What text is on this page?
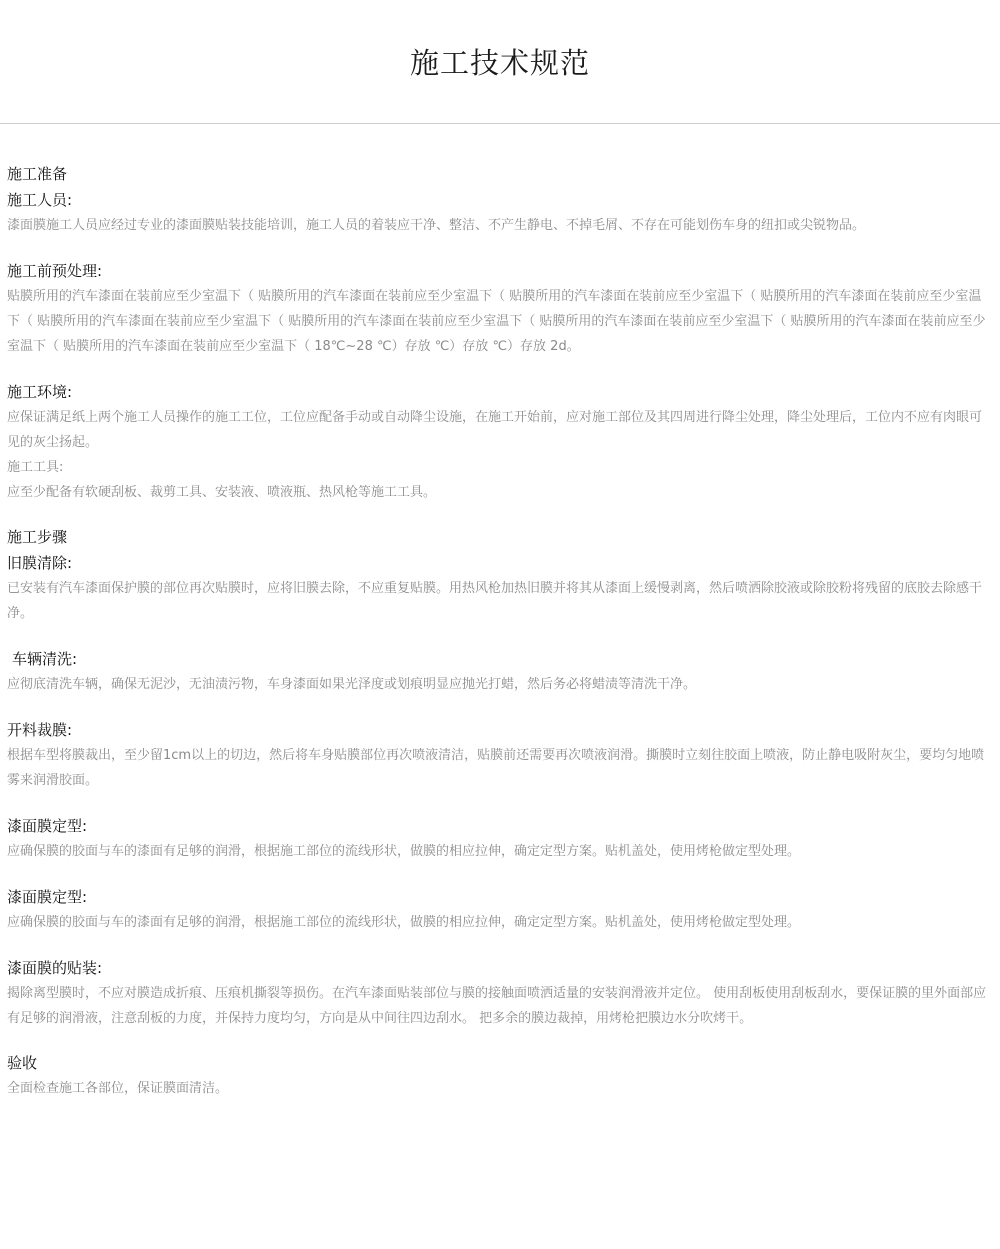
施工技术规范

施工准备

施工人员:

漆面膜施工人员应经过专业的漆面膜贴装技能培训，施工人员的着装应干净、整洁、不产生静电、不掉毛屑、不存在可能划伤车身的纽扣或尖锐物品。

施工前预处理:

贴膜所用的汽车漆面在装前应至少室温下（ 贴膜所用的汽车漆面在装前应至少室温下（ 贴膜所用的汽车漆面在装前应至少室温下（ 贴膜所用的汽车漆面在装前应至少室温下（ 贴膜所用的汽车漆面在装前应至少室温下（ 贴膜所用的汽车漆面在装前应至少室温下（ 贴膜所用的汽车漆面在装前应至少室温下（ 贴膜所用的汽车漆面在装前应至少室温下（ 贴膜所用的汽车漆面在装前应至少室温下（ 18℃~28 ℃）存放 ℃）存放 ℃）存放 2d。

施工环境:

应保证满足纸上两个施工人员操作的施工工位，工位应配备手动或自动降尘设施，在施工开始前，应对施工部位及其四周进行降尘处理，降尘处理后，工位内不应有肉眼可见的灰尘扬起。

施工工具:

应至少配备有软硬刮板、裁剪工具、安装液、喷液瓶、热风枪等施工工具。

施工步骤

旧膜清除:

已安装有汽车漆面保护膜的部位再次贴膜时，应将旧膜去除，不应重复贴膜。用热风枪加热旧膜并将其从漆面上缓慢剥离，然后喷洒除胶液或除胶粉将残留的底胶去除感干净。

车辆清洗:

应彻底清洗车辆，确保无泥沙，无油渍污物，车身漆面如果光泽度或划痕明显应抛光打蜡，然后务必将蜡渍等清洗干净。

开料裁膜:

根据车型将膜裁出，至少留1cm以上的切边，然后将车身贴膜部位再次喷液清洁，贴膜前还需要再次喷液润滑。撕膜时立刻往胶面上喷液，防止静电吸附灰尘，要均匀地喷雾来润滑胶面。

漆面膜定型:

应确保膜的胶面与车的漆面有足够的润滑，根据施工部位的流线形状，做膜的相应拉伸，确定定型方案。贴机盖处，使用烤枪做定型处理。

漆面膜定型:

应确保膜的胶面与车的漆面有足够的润滑，根据施工部位的流线形状，做膜的相应拉伸，确定定型方案。贴机盖处，使用烤枪做定型处理。

漆面膜的贴装:

揭除离型膜时，不应对膜造成折痕、压痕机撕裂等损伤。在汽车漆面贴装部位与膜的接触面喷洒适量的安装润滑液并定位。 使用刮板使用刮板刮水，要保证膜的里外面部应有足够的润滑液，注意刮板的力度，并保持力度均匀，方向是从中间往四边刮水。 把多余的膜边裁掉，用烤枪把膜边水分吹烤干。

验收

全面检查施工各部位，保证膜面清洁。
